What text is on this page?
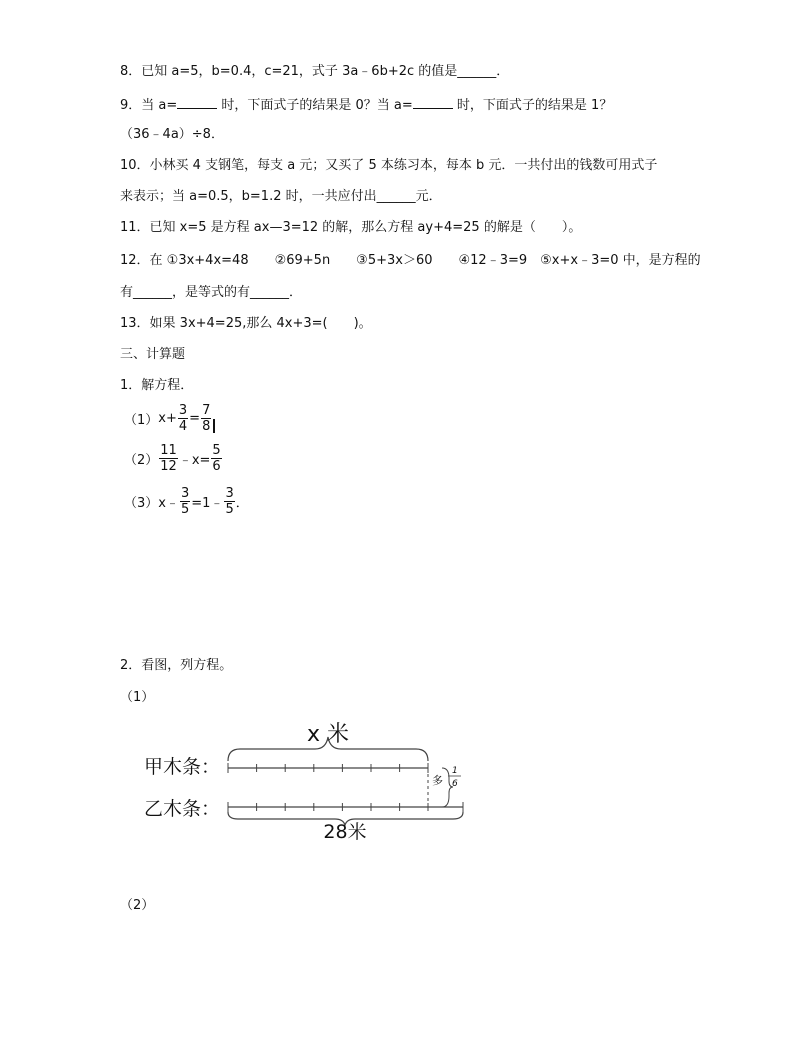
8．已知 a=5，b=0.4，c=21，式子 3a﹣6b+2c 的值是______．
9．当 a=	时，下面式子的结果是 0？当 a=	时，下面式子的结果是 1？
（36﹣4a）÷8．
10．小林买 4 支钢笔，每支 a 元；又买了 5 本练习本，每本 b 元．一共付出的钱数可用式子
来表示；当 a=0.5，b=1.2 时，一共应付出______元．
11．已知 x=5 是方程 ax—3=12 的解，那么方程 ay+4=25 的解是（　　）。
12．在 ①3x+4x=48　　②69+5n　　③5+3x＞60　　④12﹣3=9　⑤x+x﹣3=0 中，是方程的
有______，是等式的有______．
13．如果 3x+4=25,那么 4x+3=(　　)。
三、计算题
1．解方程．
（1） $x+ \frac{3}{4} = \frac{7}{8}$
$(2) \frac{11}{12}$ ﹣x= $\frac{5}{6}$
（3） x﹣ $\frac{3}{5}$ =1﹣ $\frac{3}{5}$ ．
2．看图，列方程。
（1）
x 米
甲木条：
乙木条：
多
1
6
28米
（2）
